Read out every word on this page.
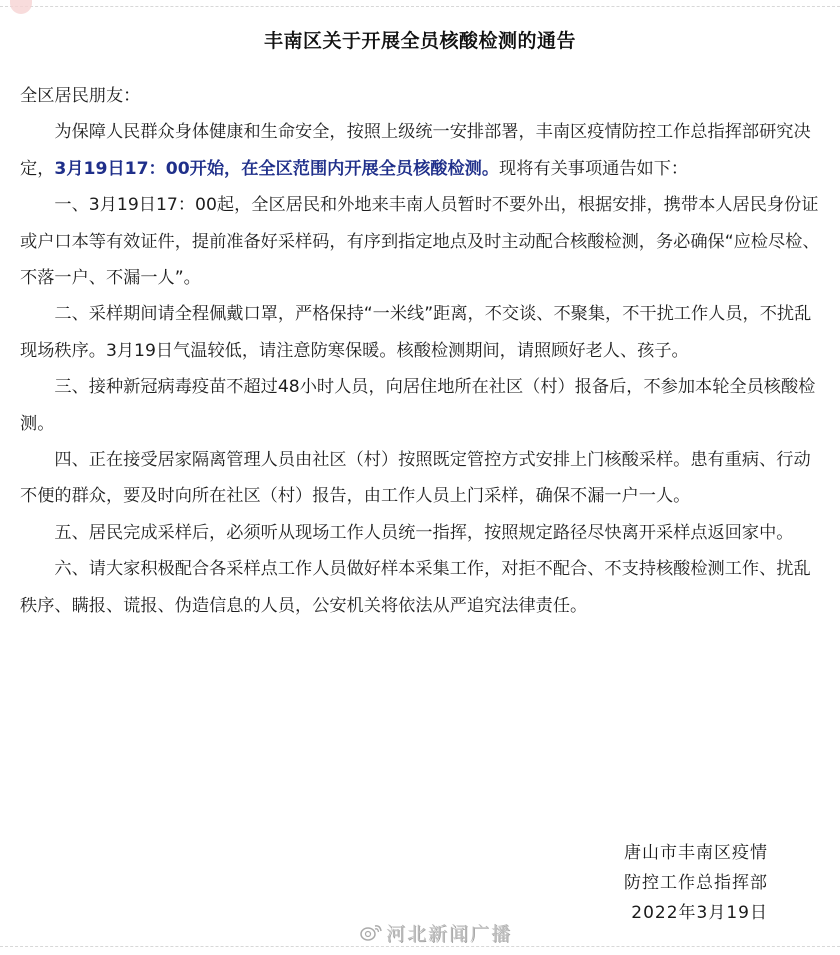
丰南区关于开展全员核酸检测的通告

全区居民朋友：

为保障人民群众身体健康和生命安全，按照上级统一安排部署，丰南区疫情防控工作总指挥部研究决定，3月19日17：00开始，在全区范围内开展全员核酸检测。现将有关事项通告如下：

一、3月19日17：00起，全区居民和外地来丰南人员暂时不要外出，根据安排，携带本人居民身份证或户口本等有效证件，提前准备好采样码，有序到指定地点及时主动配合核酸检测，务必确保“应检尽检、不落一户、不漏一人”。

二、采样期间请全程佩戴口罩，严格保持“一米线”距离，不交谈、不聚集，不干扰工作人员，不扰乱现场秩序。3月19日气温较低，请注意防寒保暖。核酸检测期间，请照顾好老人、孩子。

三、接种新冠病毒疫苗不超过48小时人员，向居住地所在社区（村）报备后，不参加本轮全员核酸检测。

四、正在接受居家隔离管理人员由社区（村）按照既定管控方式安排上门核酸采样。患有重病、行动不便的群众，要及时向所在社区（村）报告，由工作人员上门采样，确保不漏一户一人。

五、居民完成采样后，必须听从现场工作人员统一指挥，按照规定路径尽快离开采样点返回家中。

六、请大家积极配合各采样点工作人员做好样本采集工作，对拒不配合、不支持核酸检测工作、扰乱秩序、瞒报、谎报、伪造信息的人员，公安机关将依法从严追究法律责任。

唐山市丰南区疫情
防控工作总指挥部
2022年3月19日
河北新闻广播
